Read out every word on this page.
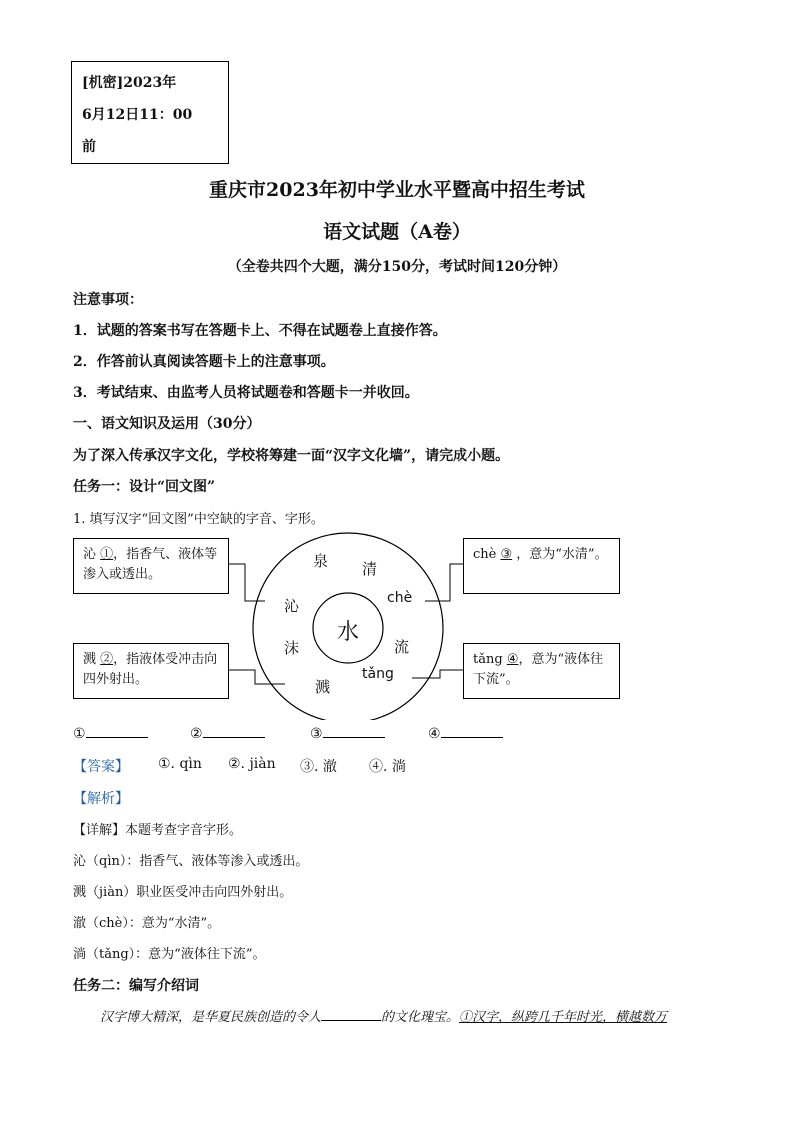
[机密]2023年
6月12日11：00
前
重庆市2023年初中学业水平暨高中招生考试
语文试题（A卷）
（全卷共四个大题，满分150分，考试时间120分钟）
注意事项：
1．试题的答案书写在答题卡上、不得在试题卷上直接作答。
2．作答前认真阅读答题卡上的注意事项。
3．考试结束、由监考人员将试题卷和答题卡一并收回。
一、语文知识及运用（30分）
为了深入传承汉字文化，学校将筹建一面“汉字文化墙”，请完成小题。
任务一：设计“回文图”
1. 填写汉字“回文图”中空缺的字音、字形。
水
泉 清
chè
流
tǎng
溅
沫
沁
沁 ①，指香气、液体等渗入或透出。
溅 ②，指液体受冲击向四外射出。
chè ③ ，意为“水清”。
tǎng ④，意为“液体往下流”。
①	②	③	④
【答案】 ①. qìn ②. jiàn ③. 澈 ④. 淌
【解析】
【详解】本题考查字音字形。
沁（qìn）：指香气、液体等渗入或透出。
溅（jiàn）职业医受冲击向四外射出。
澈（chè）：意为“水清”。
淌（tǎng）：意为“液体往下流”。
任务二：编写介绍词
汉字博大精深，是华夏民族创造的令人	的文化瑰宝。①汉字，纵跨几千年时光，横越数万
